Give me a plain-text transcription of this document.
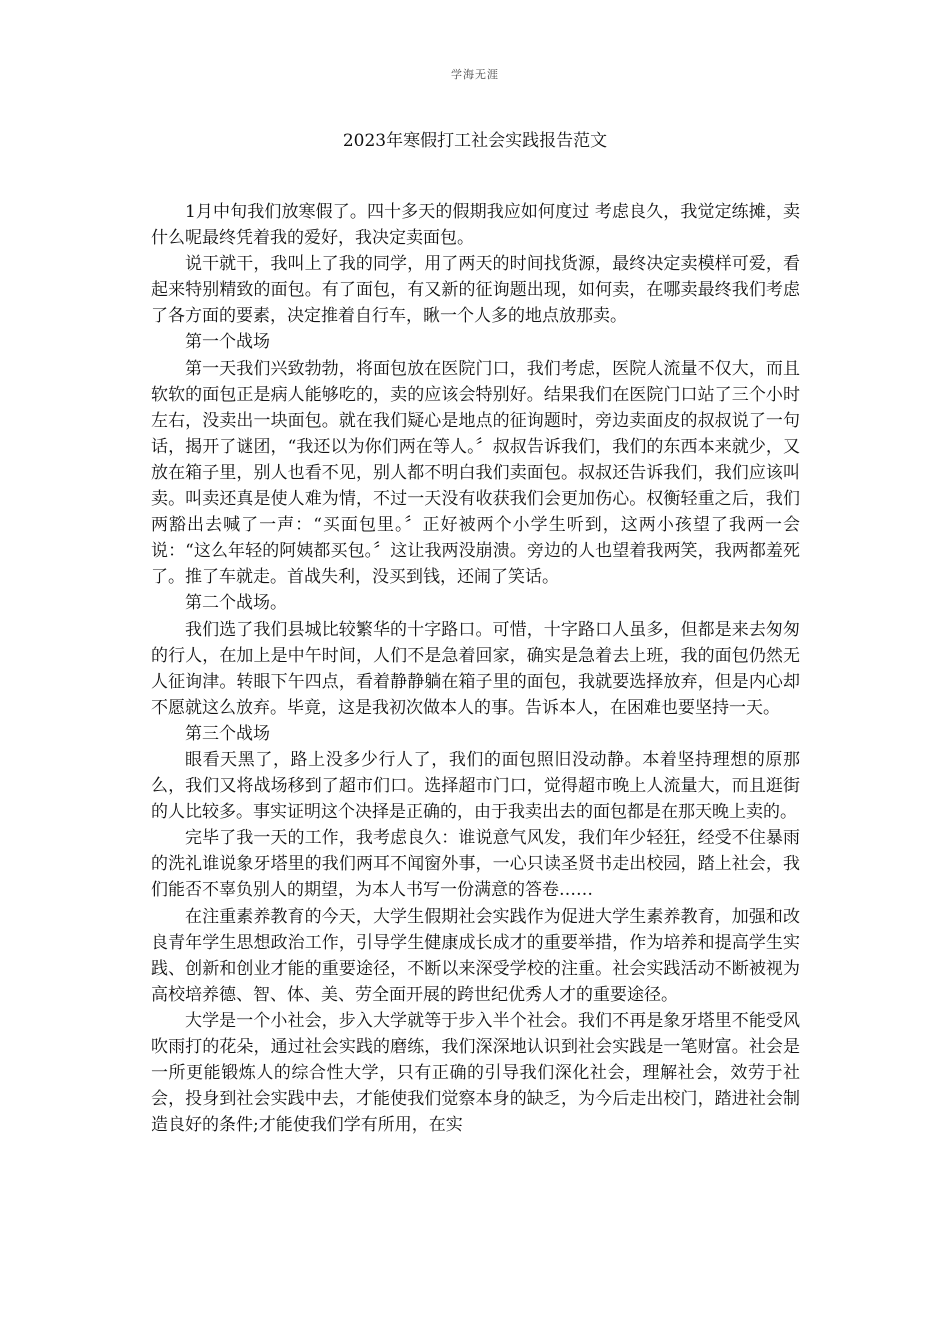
学海无涯
2023年寒假打工社会实践报告范文

1月中旬我们放寒假了。四十多天的假期我应如何度过 考虑良久，我觉定练摊，卖什么呢最终凭着我的爱好，我决定卖面包。

说干就干，我叫上了我的同学，用了两天的时间找货源，最终决定卖模样可爱，看起来特别精致的面包。有了面包，有又新的征询题出现，如何卖，在哪卖最终我们考虑了各方面的要素，决定推着自行车，瞅一个人多的地点放那卖。

第一个战场

第一天我们兴致勃勃，将面包放在医院门口，我们考虑，医院人流量不仅大，而且软软的面包正是病人能够吃的，卖的应该会特别好。结果我们在医院门口站了三个小时左右，没卖出一块面包。就在我们疑心是地点的征询题时，旁边卖面皮的叔叔说了一句话，揭开了谜团，“我还以为你们两在等人。〞叔叔告诉我们，我们的东西本来就少，又放在箱子里，别人也看不见，别人都不明白我们卖面包。叔叔还告诉我们，我们应该叫卖。叫卖还真是使人难为情，不过一天没有收获我们会更加伤心。权衡轻重之后，我们两豁出去喊了一声：“买面包里。〞正好被两个小学生听到，这两小孩望了我两一会说：“这么年轻的阿姨都买包。〞这让我两没崩溃。旁边的人也望着我两笑，我两都羞死了。推了车就走。首战失利，没买到钱，还闹了笑话。

第二个战场。

我们选了我们县城比较繁华的十字路口。可惜，十字路口人虽多，但都是来去匆匆的行人，在加上是中午时间，人们不是急着回家，确实是急着去上班，我的面包仍然无人征询津。转眼下午四点，看着静静躺在箱子里的面包，我就要选择放弃，但是内心却不愿就这么放弃。毕竟，这是我初次做本人的事。告诉本人，在困难也要坚持一天。

第三个战场

眼看天黑了，路上没多少行人了，我们的面包照旧没动静。本着坚持理想的原那么，我们又将战场移到了超市们口。选择超市门口，觉得超市晚上人流量大，而且逛街的人比较多。事实证明这个决择是正确的，由于我卖出去的面包都是在那天晚上卖的。

完毕了我一天的工作，我考虑良久：谁说意气风发，我们年少轻狂，经受不住暴雨的洗礼谁说象牙塔里的我们两耳不闻窗外事，一心只读圣贤书走出校园，踏上社会，我们能否不辜负别人的期望，为本人书写一份满意的答卷……

在注重素养教育的今天，大学生假期社会实践作为促进大学生素养教育，加强和改良青年学生思想政治工作，引导学生健康成长成才的重要举措，作为培养和提高学生实践、创新和创业才能的重要途径，不断以来深受学校的注重。社会实践活动不断被视为高校培养德、智、体、美、劳全面开展的跨世纪优秀人才的重要途径。

大学是一个小社会，步入大学就等于步入半个社会。我们不再是象牙塔里不能受风吹雨打的花朵，通过社会实践的磨练，我们深深地认识到社会实践是一笔财富。社会是一所更能锻炼人的综合性大学，只有正确的引导我们深化社会，理解社会，效劳于社会，投身到社会实践中去，才能使我们觉察本身的缺乏，为今后走出校门，踏进社会制造良好的条件;才能使我们学有所用，在实
